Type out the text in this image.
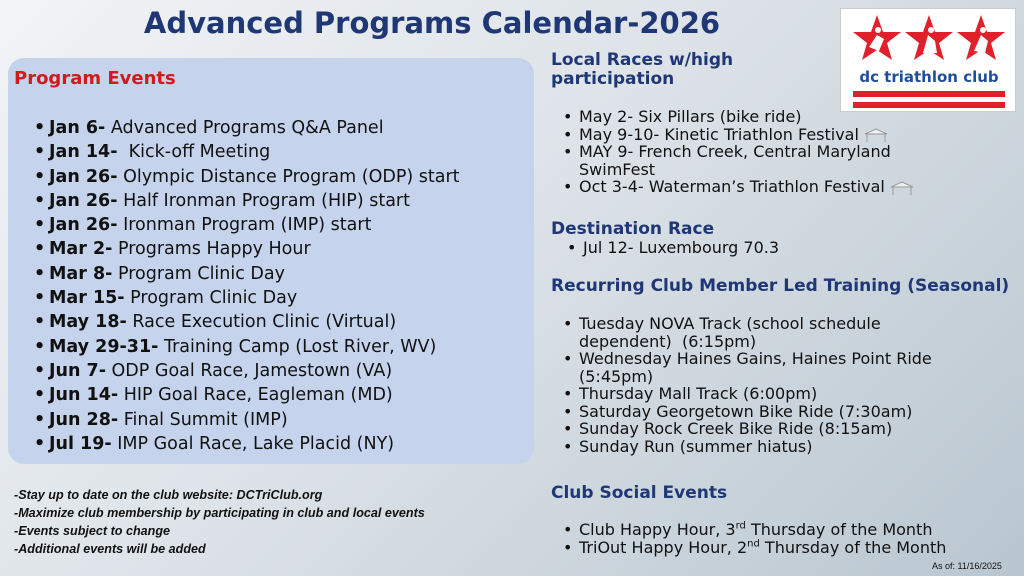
Advanced Programs Calendar-2026
dc triathlon club
Program Events
• Jan 6- Advanced Programs Q&A Panel
• Jan 14-  Kick-off Meeting
• Jan 26- Olympic Distance Program (ODP) start
• Jan 26- Half Ironman Program (HIP) start
• Jan 26- Ironman Program (IMP) start
• Mar 2- Programs Happy Hour
• Mar 8- Program Clinic Day
• Mar 15- Program Clinic Day
• May 18- Race Execution Clinic (Virtual)
• May 29-31- Training Camp (Lost River, WV)
• Jun 7- ODP Goal Race, Jamestown (VA)
• Jun 14- HIP Goal Race, Eagleman (MD)
• Jun 28- Final Summit (IMP)
• Jul 19- IMP Goal Race, Lake Placid (NY)
-Stay up to date on the club website: DCTriClub.org
-Maximize club membership by participating in club and local events
-Events subject to change
-Additional events will be added
Local Races w/high
participation
• May 2- Six Pillars (bike ride)
• May 9-10- Kinetic Triathlon Festival
• MAY 9- French Creek, Central Maryland
SwimFest
• Oct 3-4- Waterman’s Triathlon Festival
Destination Race
• Jul 12- Luxembourg 70.3
Recurring Club Member Led Training (Seasonal)
• Tuesday NOVA Track (school schedule
dependent)  (6:15pm)
• Wednesday Haines Gains, Haines Point Ride
(5:45pm)
• Thursday Mall Track (6:00pm)
• Saturday Georgetown Bike Ride (7:30am)
• Sunday Rock Creek Bike Ride (8:15am)
• Sunday Run (summer hiatus)
Club Social Events
• Club Happy Hour, 3rd Thursday of the Month
• TriOut Happy Hour, 2nd Thursday of the Month
As of: 11/16/2025
